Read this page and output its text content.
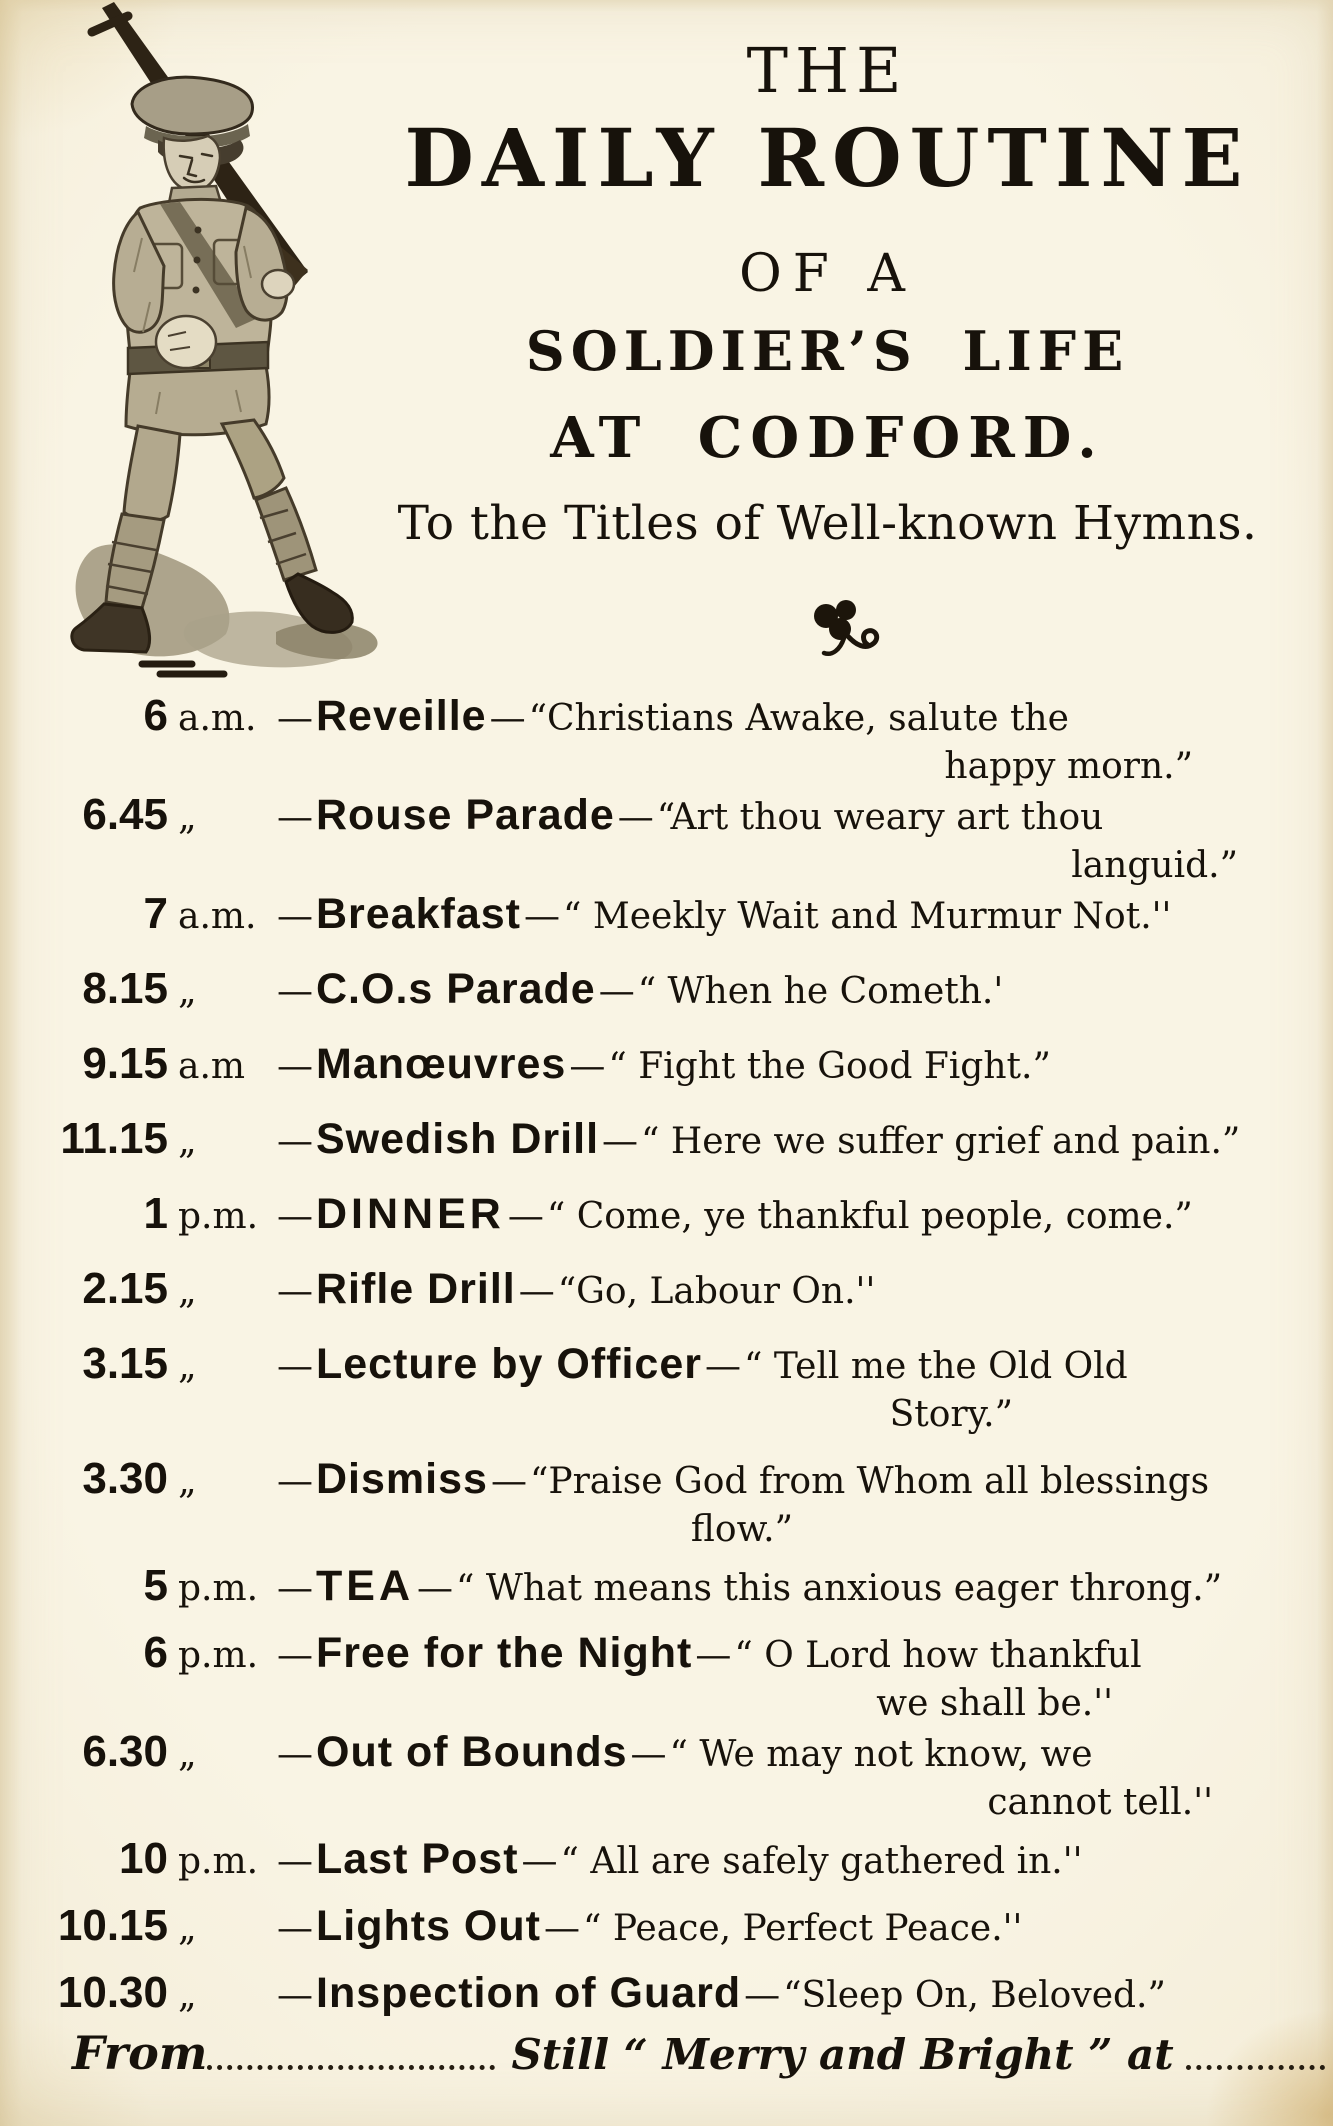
THE
DAILY ROUTINE
OF A
SOLDIER’S LIFE
AT CODFORD.
To the Titles of Well-known Hymns.
6 a.m. — Reveille — “Christians Awake, salute the
happy morn.”
6.45 „	— Rouse Parade — “Art thou weary art thou
languid.”
7 a.m. — Breakfast — “ Meekly Wait and Murmur Not.''
8.15 „	— C.O.s Parade — “ When he Cometh.'
9.15 a.m — Manœuvres — “ Fight the Good Fight.”
11.15 „	— Swedish Drill — “ Here we suffer grief and pain.”
1 p.m. — DINNER — “ Come, ye thankful people, come.”
2.15 „	— Rifle Drill — “Go, Labour On.''
3.15 „	— Lecture by Officer — “ Tell me the Old Old
Story.”
3.30 „	— Dismiss — “Praise God from Whom all blessings
flow.”
5 p.m. — TEA — “ What means this anxious eager throng.”
6 p.m. — Free for the Night — “ O Lord how thankful
we shall be.''
6.30 „	— Out of Bounds — “ We may not know, we
cannot tell.''
10 p.m. — Last Post — “ All are safely gathered in.''
10.15 „	— Lights Out — “ Peace, Perfect Peace.''
10.30 „	— Inspection of Guard — “Sleep On, Beloved.”
From	Still “ Merry and Bright ” at
